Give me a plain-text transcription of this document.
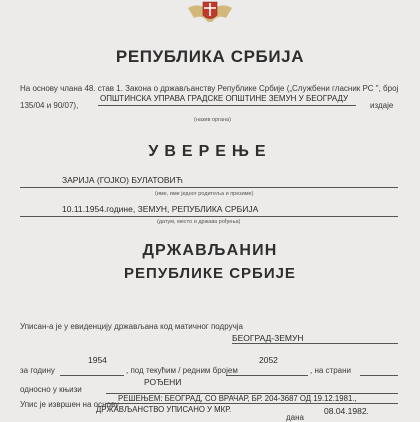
РЕПУБЛИКА СРБИЈА
На основу члана 48. став 1. Закона о држављанству Републике Србије („Службени гласник РС ", број
135/04 и 90/07),
ОПШТИНСКА УПРАВА ГРАДСКЕ ОПШТИНЕ ЗЕМУН У БЕОГРАДУ
издаје
(назив органа)
УВЕРЕЊЕ
ЗАРИЈА (ГОЈКО) БУЛАТОВИЋ
(име, име једног родитеља и презиме)
10.11.1954.године, ЗЕМУН, РЕПУБЛИКА СРБИЈА
(датум, место и држава рођења)
ДРЖАВЉАНИН
РЕПУБЛИКЕ СРБИЈЕ
Уписан-а је у евиденцију држављана код матичног подручја
БЕОГРАД-ЗЕМУН
1954
за годину	, под текућим / редним бројем
2052
, на страни
РОЂЕНИ
односно у књизи
РЕШЕЊЕМ: БЕОГРАД, СО ВРАЧАР, БР. 204-3687 ОД 19.12.1981.,
Упис је извршен на основу
ДРЖАВЉАНСТВО УПИСАНО У МКР.	08.04.1982.
дана
